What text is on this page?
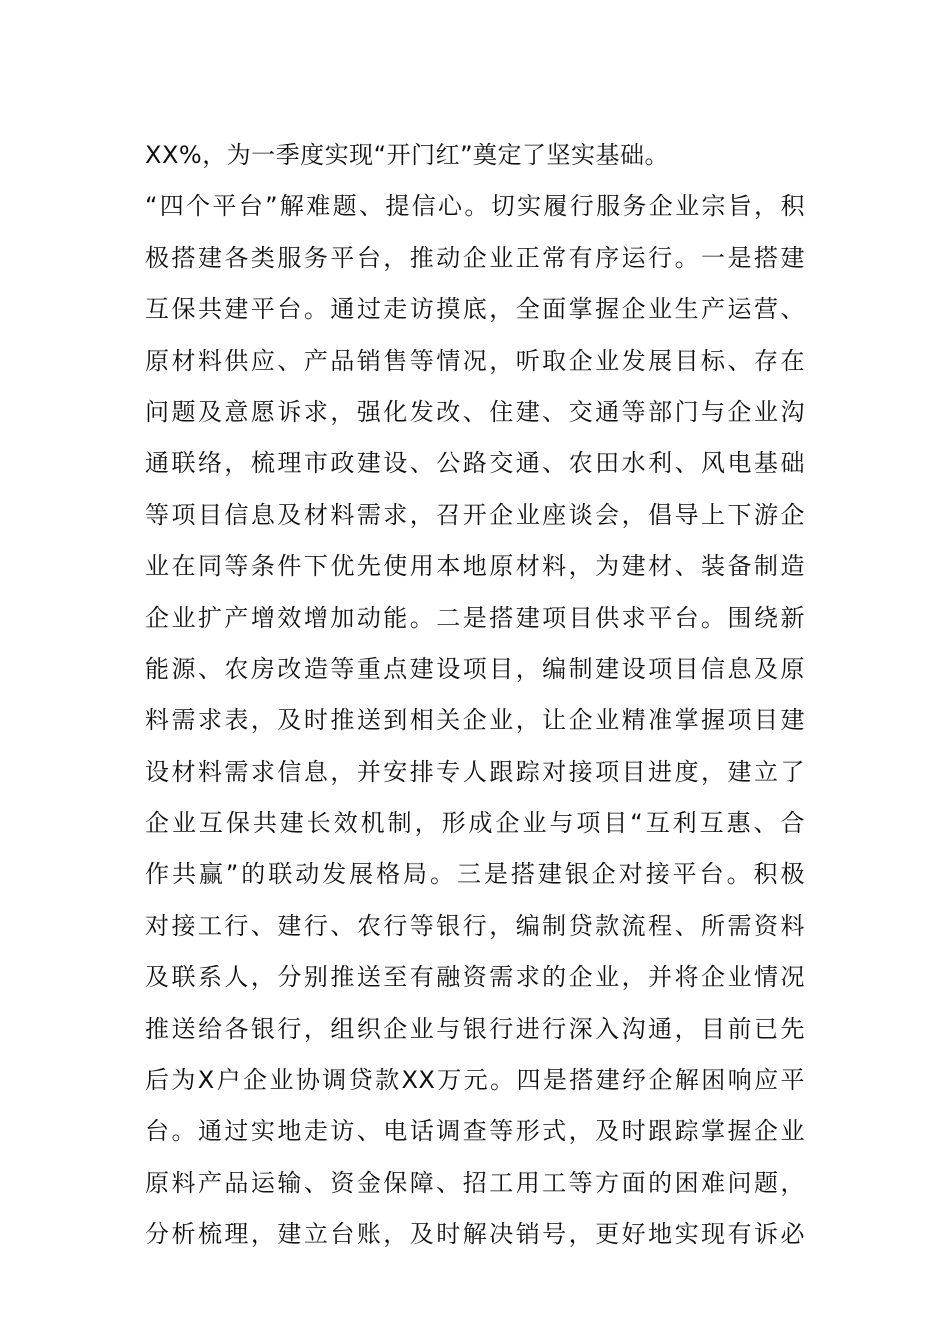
XX%，为一季度实现“开门红”奠定了坚实基础。
“四个平台”解难题、提信心。切实履行服务企业宗旨，积
极搭建各类服务平台，推动企业正常有序运行。一是搭建
互保共建平台。通过走访摸底，全面掌握企业生产运营、
原材料供应、产品销售等情况，听取企业发展目标、存在
问题及意愿诉求，强化发改、住建、交通等部门与企业沟
通联络，梳理市政建设、公路交通、农田水利、风电基础
等项目信息及材料需求，召开企业座谈会，倡导上下游企
业在同等条件下优先使用本地原材料，为建材、装备制造
企业扩产增效增加动能。二是搭建项目供求平台。围绕新
能源、农房改造等重点建设项目，编制建设项目信息及原
料需求表，及时推送到相关企业，让企业精准掌握项目建
设材料需求信息，并安排专人跟踪对接项目进度，建立了
企业互保共建长效机制，形成企业与项目“互利互惠、合
作共赢”的联动发展格局。三是搭建银企对接平台。积极
对接工行、建行、农行等银行，编制贷款流程、所需资料
及联系人，分别推送至有融资需求的企业，并将企业情况
推送给各银行，组织企业与银行进行深入沟通，目前已先
后为X户企业协调贷款XX万元。四是搭建纾企解困响应平
台。通过实地走访、电话调查等形式，及时跟踪掌握企业
原料产品运输、资金保障、招工用工等方面的困难问题，
分析梳理，建立台账，及时解决销号，更好地实现有诉必
